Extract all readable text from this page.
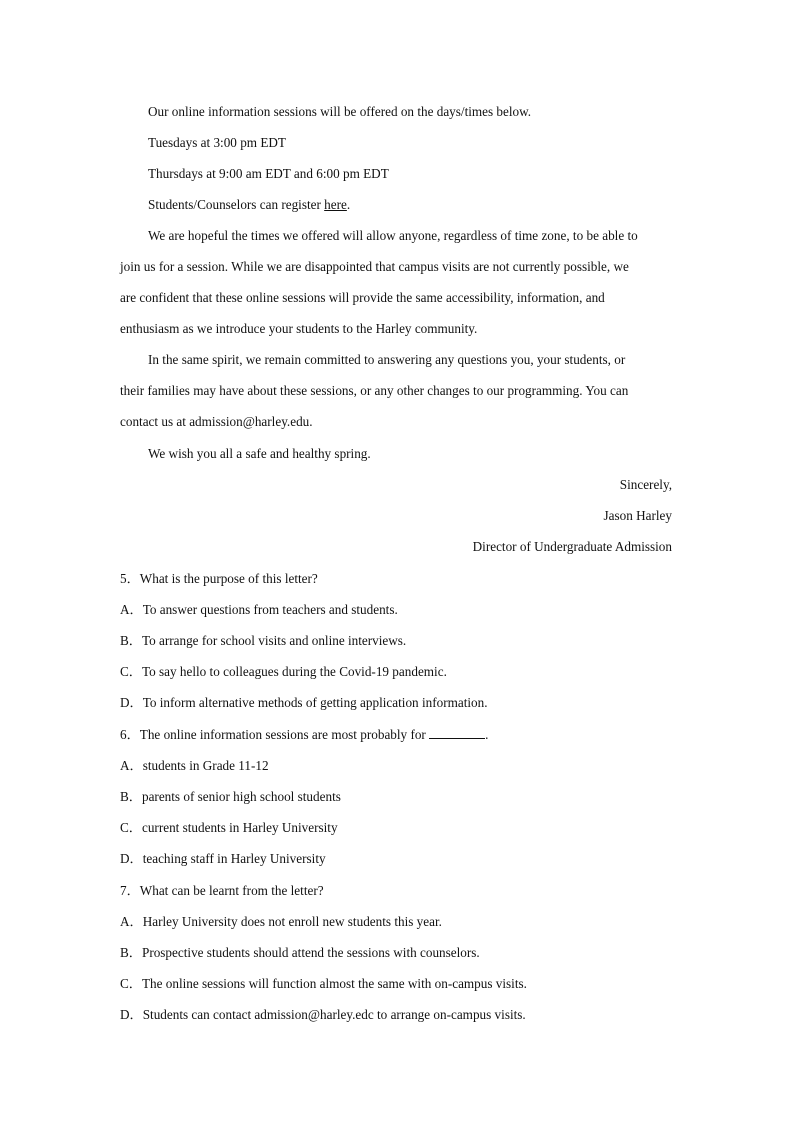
Our online information sessions will be offered on the days/times below.
Tuesdays at 3:00 pm EDT
Thursdays at 9:00 am EDT and 6:00 pm EDT
Students/Counselors can register here.
We are hopeful the times we offered will allow anyone, regardless of time zone, to be able to
join us for a session. While we are disappointed that campus visits are not currently possible, we
are confident that these online sessions will provide the same accessibility, information, and
enthusiasm as we introduce your students to the Harley community.
In the same spirit, we remain committed to answering any questions you, your students, or
their families may have about these sessions, or any other changes to our programming. You can
contact us at admission@harley.edu.
We wish you all a safe and healthy spring.
Sincerely,
Jason Harley
Director of Undergraduate Admission
5．What is the purpose of this letter?
A．To answer questions from teachers and students.
B．To arrange for school visits and online interviews.
C．To say hello to colleagues during the Covid-19 pandemic.
D．To inform alternative methods of getting application information.
6．The online information sessions are most probably for	.
A．students in Grade 11-12
B．parents of senior high school students
C．current students in Harley University
D．teaching staff in Harley University
7．What can be learnt from the letter?
A．Harley University does not enroll new students this year.
B．Prospective students should attend the sessions with counselors.
C．The online sessions will function almost the same with on-campus visits.
D．Students can contact admission@harley.edc to arrange on-campus visits.
